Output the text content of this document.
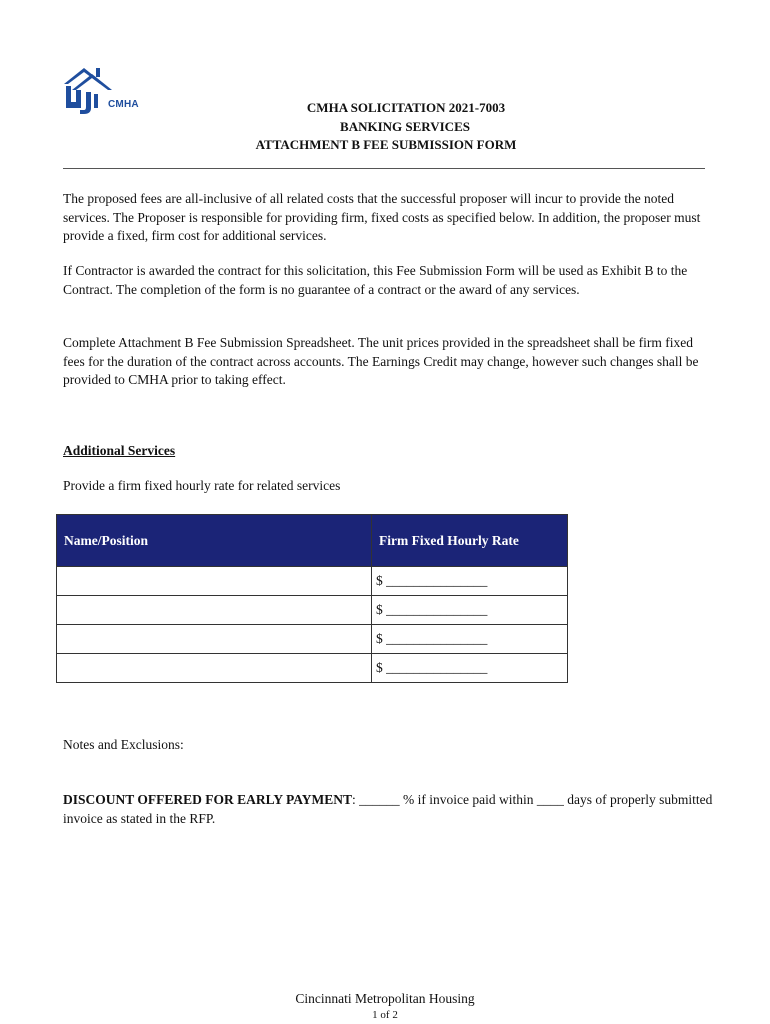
CMHA	CMHA SOLICITATION 2021-7003
BANKING SERVICES
ATTACHMENT B FEE SUBMISSION FORM

The proposed fees are all-inclusive of all related costs that the successful proposer will incur to provide the noted services. The Proposer is responsible for providing firm, fixed costs as specified below. In addition, the proposer must provide a fixed, firm cost for additional services.

If Contractor is awarded the contract for this solicitation, this Fee Submission Form will be used as Exhibit B to the Contract. The completion of the form is no guarantee of a contract or the award of any services.

Complete Attachment B Fee Submission Spreadsheet. The unit prices provided in the spreadsheet shall be firm fixed fees for the duration of the contract across accounts. The Earnings Credit may change, however such changes shall be provided to CMHA prior to taking effect.

Additional Services
Provide a firm fixed hourly rate for related services
Name/Position	Firm Fixed Hourly Rate
	$ _______________
	$ _______________
	$ _______________
	$ _______________
Notes and Exclusions:

DISCOUNT OFFERED FOR EARLY PAYMENT: ______ % if invoice paid within ____ days of properly submitted invoice as stated in the RFP.

Cincinnati Metropolitan Housing
1 of 2
